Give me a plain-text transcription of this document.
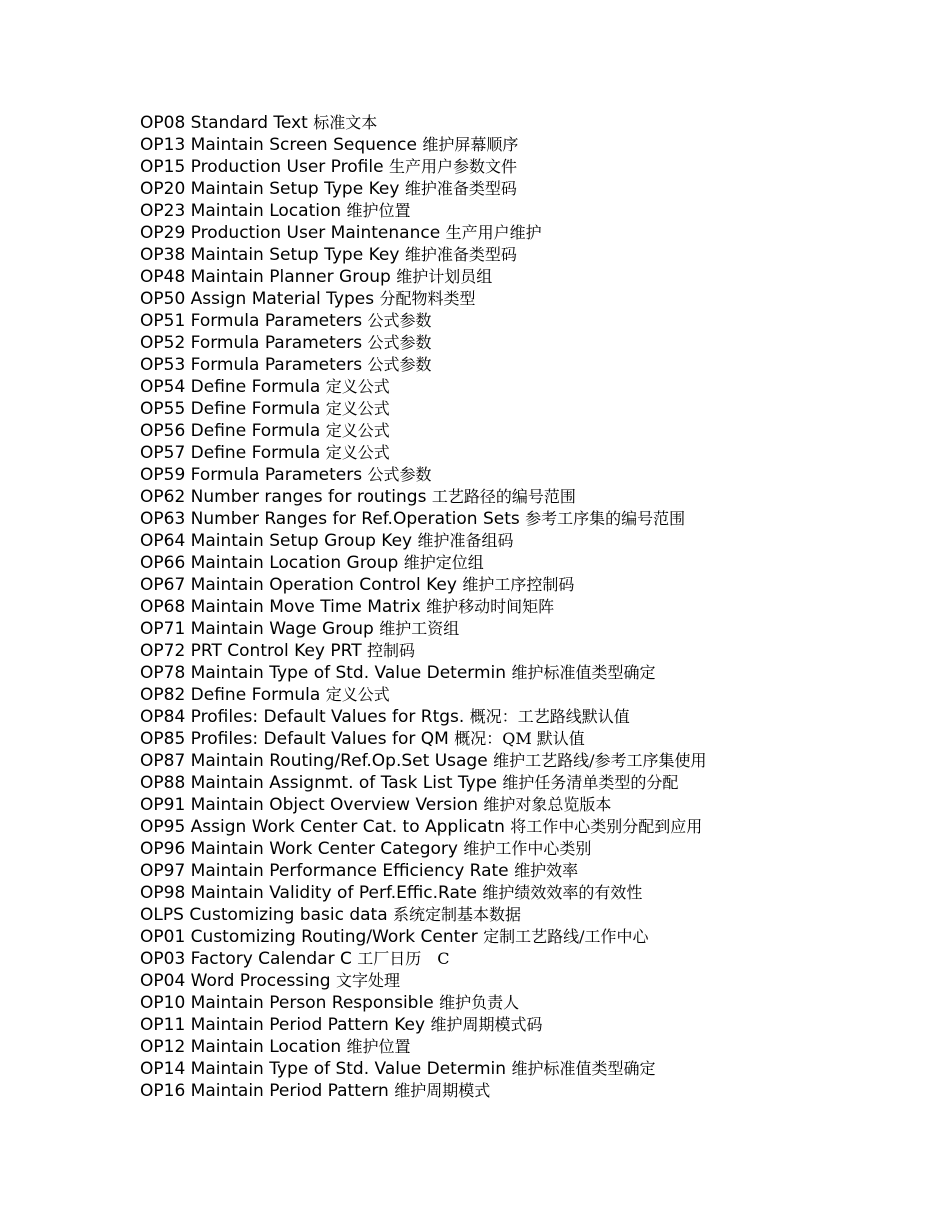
OP08 Standard Text 标准文本
OP13 Maintain Screen Sequence 维护屏幕顺序
OP15 Production User Profile 生产用户参数文件
OP20 Maintain Setup Type Key 维护准备类型码
OP23 Maintain Location 维护位置
OP29 Production User Maintenance 生产用户维护
OP38 Maintain Setup Type Key 维护准备类型码
OP48 Maintain Planner Group 维护计划员组
OP50 Assign Material Types 分配物料类型
OP51 Formula Parameters 公式参数
OP52 Formula Parameters 公式参数
OP53 Formula Parameters 公式参数
OP54 Define Formula 定义公式
OP55 Define Formula 定义公式
OP56 Define Formula 定义公式
OP57 Define Formula 定义公式
OP59 Formula Parameters 公式参数
OP62 Number ranges for routings 工艺路径的编号范围
OP63 Number Ranges for Ref.Operation Sets 参考工序集的编号范围
OP64 Maintain Setup Group Key 维护准备组码
OP66 Maintain Location Group 维护定位组
OP67 Maintain Operation Control Key 维护工序控制码
OP68 Maintain Move Time Matrix 维护移动时间矩阵
OP71 Maintain Wage Group 维护工资组
OP72 PRT Control Key PRT 控制码
OP78 Maintain Type of Std. Value Determin 维护标准值类型确定
OP82 Define Formula 定义公式
OP84 Profiles: Default Values for Rtgs. 概况：工艺路线默认值
OP85 Profiles: Default Values for QM 概况：QM 默认值
OP87 Maintain Routing/Ref.Op.Set Usage 维护工艺路线/参考工序集使用
OP88 Maintain Assignmt. of Task List Type 维护任务清单类型的分配
OP91 Maintain Object Overview Version 维护对象总览版本
OP95 Assign Work Center Cat. to Applicatn 将工作中心类别分配到应用
OP96 Maintain Work Center Category 维护工作中心类别
OP97 Maintain Performance Efficiency Rate 维护效率
OP98 Maintain Validity of Perf.Effic.Rate 维护绩效效率的有效性
OLPS Customizing basic data 系统定制基本数据
OP01 Customizing Routing/Work Center 定制工艺路线/工作中心
OP03 Factory Calendar C 工厂日历　C
OP04 Word Processing 文字处理
OP10 Maintain Person Responsible 维护负责人
OP11 Maintain Period Pattern Key 维护周期模式码
OP12 Maintain Location 维护位置
OP14 Maintain Type of Std. Value Determin 维护标准值类型确定
OP16 Maintain Period Pattern 维护周期模式
